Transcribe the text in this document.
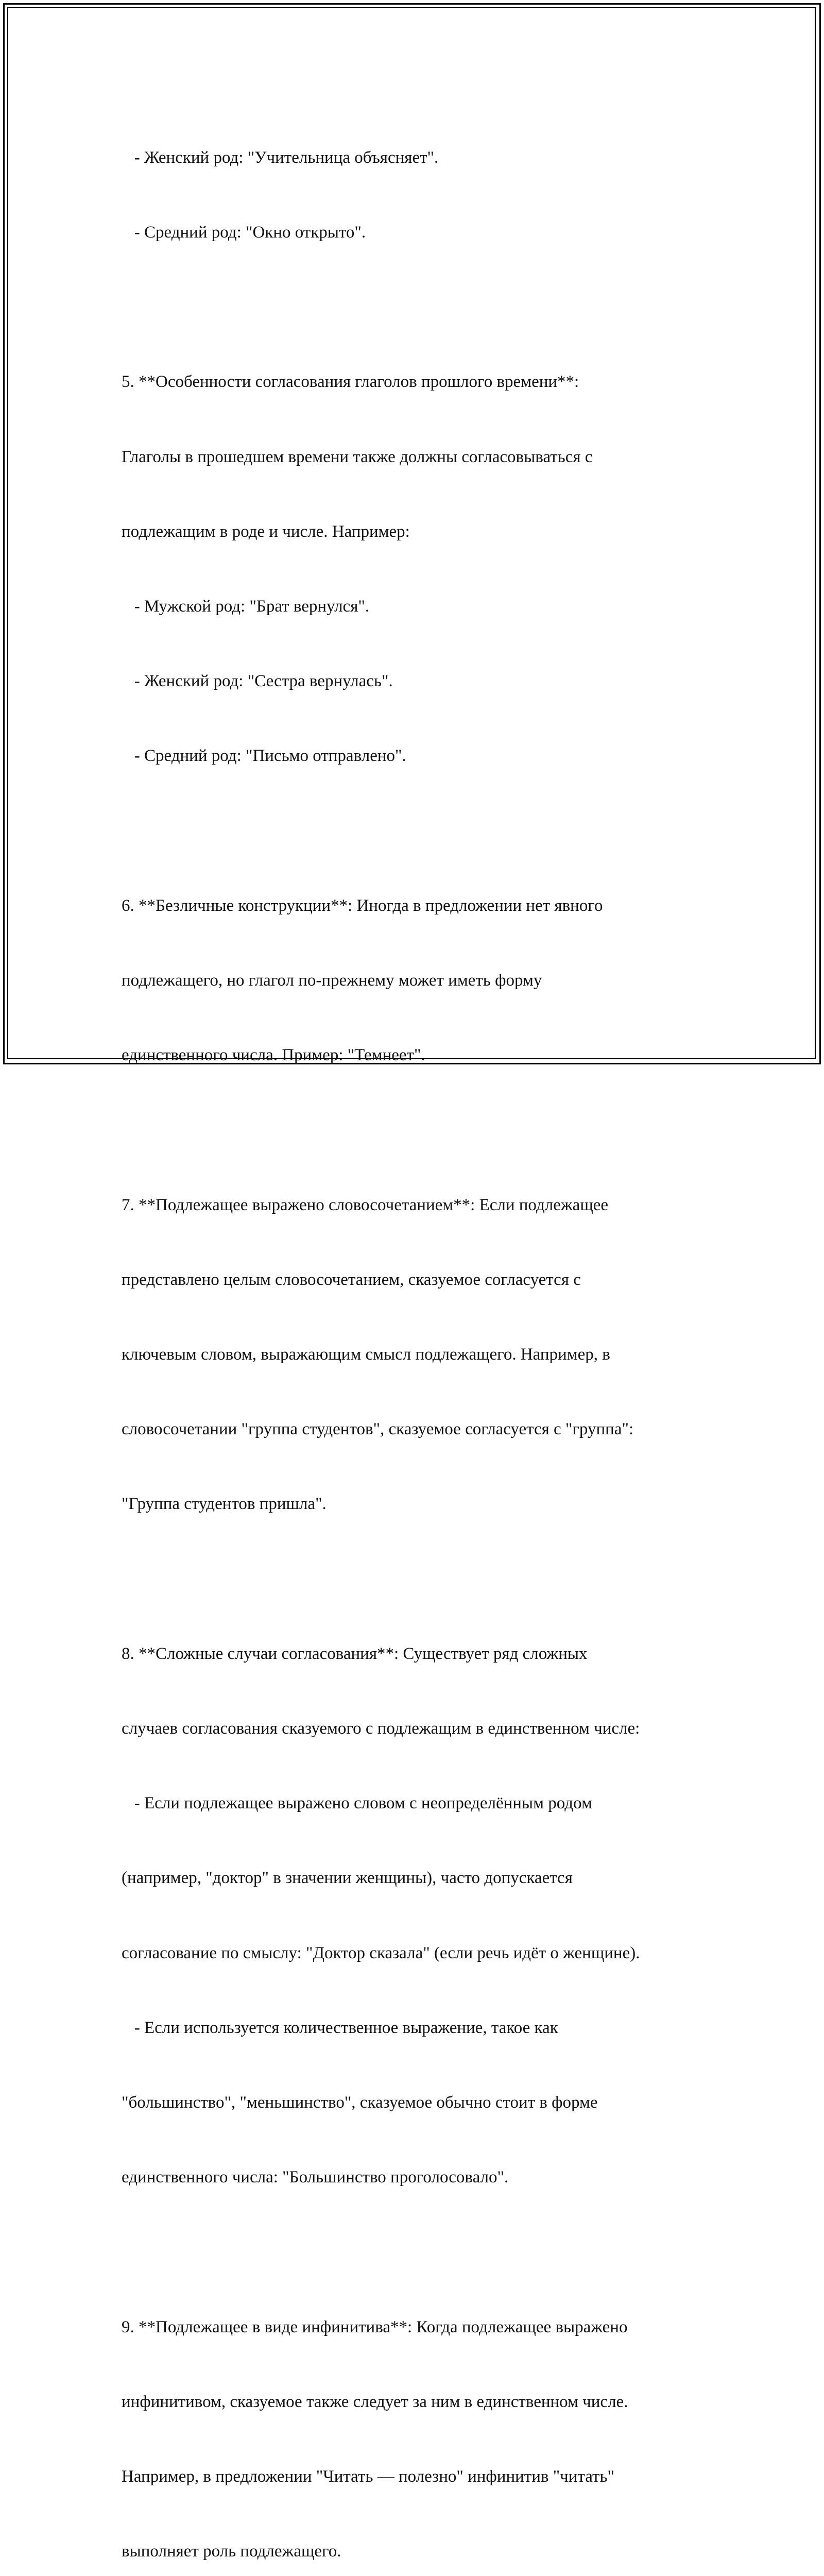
- Женский род: "Учительница объясняет".

- Средний род: "Окно открыто".

5. **Особенности согласования глаголов прошлого времени**:

Глаголы в прошедшем времени также должны согласовываться с

подлежащим в роде и числе. Например:

- Мужской род: "Брат вернулся".

- Женский род: "Сестра вернулась".

- Средний род: "Письмо отправлено".

6. **Безличные конструкции**: Иногда в предложении нет явного

подлежащего, но глагол по-прежнему может иметь форму

единственного числа. Пример: "Темнеет".

7. **Подлежащее выражено словосочетанием**: Если подлежащее

представлено целым словосочетанием, сказуемое согласуется с

ключевым словом, выражающим смысл подлежащего. Например, в

словосочетании "группа студентов", сказуемое согласуется с "группа":

"Группа студентов пришла".

8. **Сложные случаи согласования**: Существует ряд сложных

случаев согласования сказуемого с подлежащим в единственном числе:

- Если подлежащее выражено словом с неопределённым родом

(например, "доктор" в значении женщины), часто допускается

согласование по смыслу: "Доктор сказала" (если речь идёт о женщине).

- Если используется количественное выражение, такое как

"большинство", "меньшинство", сказуемое обычно стоит в форме

единственного числа: "Большинство проголосовало".

9. **Подлежащее в виде инфинитива**: Когда подлежащее выражено

инфинитивом, сказуемое также следует за ним в единственном числе.

Например, в предложении "Читать — полезно" инфинитив "читать"

выполняет роль подлежащего.
